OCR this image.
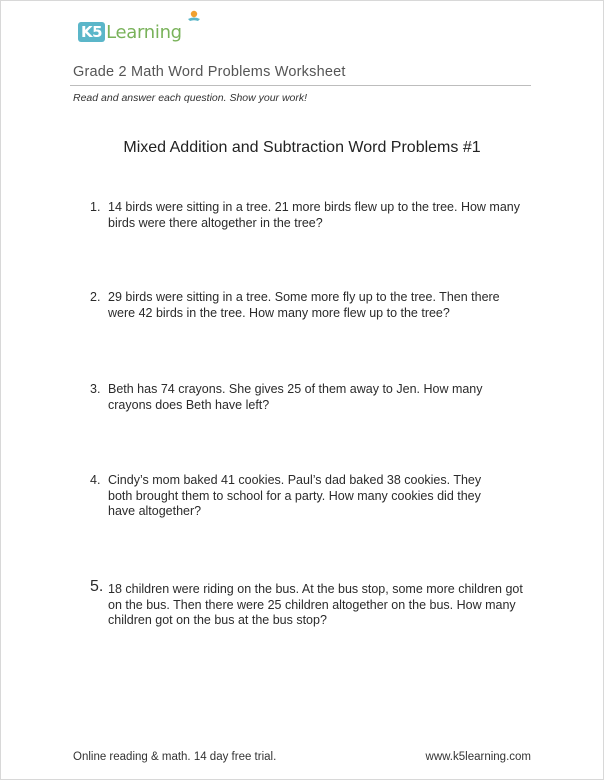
K5 Learning
Grade 2 Math Word Problems Worksheet
Read and answer each question. Show your work!
Mixed Addition and Subtraction Word Problems #1
1. 14 birds were sitting in a tree. 21 more birds flew up to the tree. How many birds were there altogether in the tree?
2. 29 birds were sitting in a tree. Some more fly up to the tree. Then there were 42 birds in the tree. How many more flew up to the tree?
3. Beth has 74 crayons. She gives 25 of them away to Jen. How many crayons does Beth have left?
4. Cindy’s mom baked 41 cookies. Paul’s dad baked 38 cookies. They both brought them to school for a party. How many cookies did they have altogether?
5. 18 children were riding on the bus. At the bus stop, some more children got on the bus. Then there were 25 children altogether on the bus. How many children got on the bus at the bus stop?
Online reading & math. 14 day free trial.	www.k5learning.com
